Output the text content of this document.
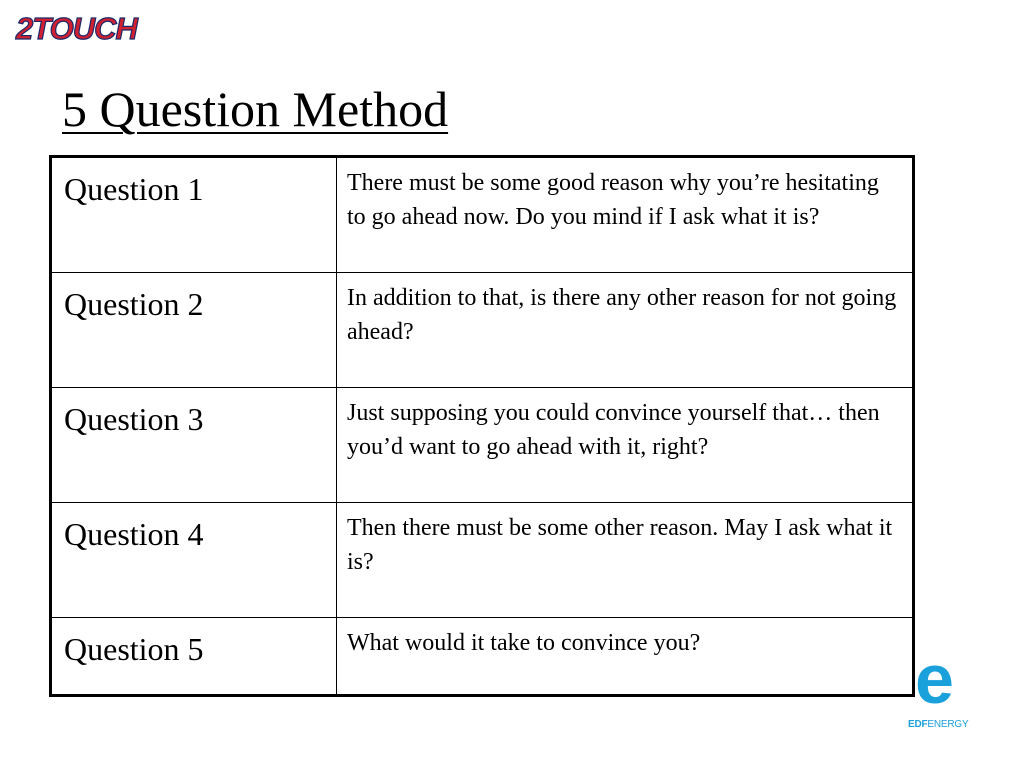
2TOUCH
5 Question Method
Question 1	There must be some good reason why you’re hesitating to go ahead now. Do you mind if I ask what it is?
Question 2	In addition to that, is there any other reason for not going ahead?
Question 3	Just supposing you could convince yourself that… then you’d want to go ahead with it, right?
Question 4	Then there must be some other reason. May I ask what it is?
Question 5	What would it take to convince you?	e
EDFENERGY
